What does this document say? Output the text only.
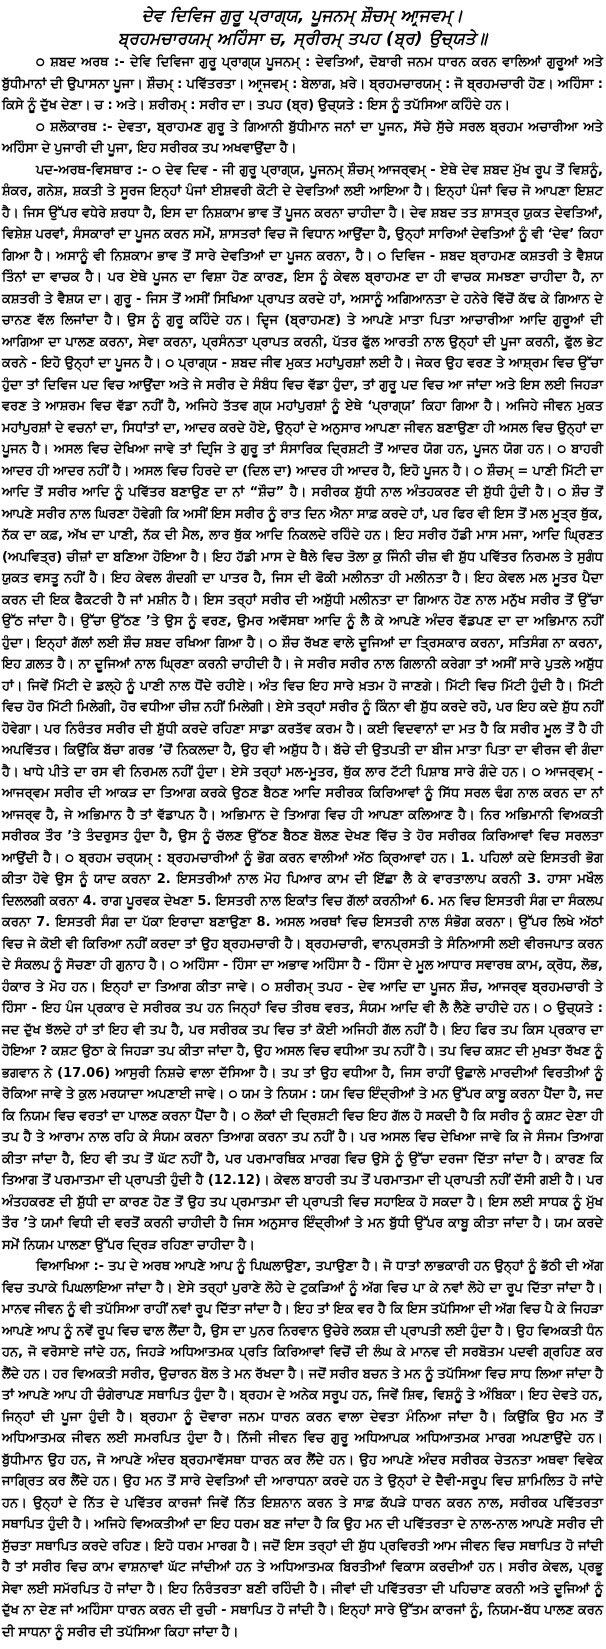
ਦੇਵ ਦਿਵਿਜ ਗੁਰੂ ਪ੍ਰਾਗ੍ਯ, ਪੂਜਨਮ੍ ਸ਼ੌਚਮ੍ ਆਰ੍ਜਵਮ੍।
ਬ੍ਰਹਮਚਾਰਯਮ੍ ਅਹਿੰਸਾ ਚ, ਸ੍ਰੀਰਮ੍ ਤਪਹ (ਬ੍ਰ) ਉਚ੍ਯਤੇ॥

੦ ਸ਼ਬਦ ਅਰਥ :- ਦੇਵਿ ਦਿਵਿਜਾ ਗੁਰੂ ਪ੍ਰਾਗ੍ਯ ਪੂਜਨਮ੍ : ਦੇਵਤਿਆਂ, ਦੋਬਾਰੀ ਜਨਮ ਧਾਰਨ ਕਰਨ ਵਾਲਿਆਂ ਗੁਰੂਆਂ ਅਤੇ ਬੁੱਧੀਮਾਨਾਂ ਦੀ ਉਪਾਸਨਾ ਪੂਜਾ। ਸ਼ੌਚਮ੍ : ਪਵਿੱਤਰਤਾ। ਆਰ੍ਜਵਮ੍ : ਬੇਲਾਗ, ਖ਼ਰੇ। ਬ੍ਰਹਮਚਾਰਯਮ੍ : ਜੋ ਬ੍ਰਹਮਚਾਰੀ ਹੋਣ। ਅਹਿੰਸਾ : ਕਿਸੇ ਨੂੰ ਦੁੱਖ ਦੇਣਾ। ਚ : ਅਤੇ। ਸ਼ਰੀਰਮ੍ : ਸਰੀਰ ਦਾ। ਤਪਹ (ਬ੍ਰ) ਉਚ੍ਯਤੇ : ਇਸ ਨੂੰ ਤਪੱਸਿਆ ਕਹਿੰਦੇ ਹਨ।

੦ ਸ਼ਲੋਕਾਰਥ :- ਦੇਵਤਾ, ਬ੍ਰਾਹਮਣ ਗੁਰੂ ਤੇ ਗਿਆਨੀ ਬੁੱਧੀਮਾਨ ਜਨਾਂ ਦਾ ਪੂਜਨ, ਸੱਚੇ ਸੁੱਚੇ ਸਰਲ ਬ੍ਰਹਮ ਅਚਾਰੀਆ ਅਤੇ ਅਹਿੰਸਾ ਦੇ ਪੁਜਾਰੀ ਦੀ ਪੂਜਾ, ਇਹ ਸਰੀਰਕ ਤਪ ਅਖਵਾਉਂਦਾ ਹੈ।

ਪਦ-ਅਰਥ-ਵਿਸਥਾਰ :- ੦ ਦੇਵ ਦਿਵ - ਜੀ ਗੁਰੂ ਪ੍ਰਾਗ੍ਯ, ਪੂਜਨਮ੍ ਸ਼ੌਚਮ੍ ਆਜਰ੍ਵਮ੍ - ਏਥੇ ਦੇਵ ਸ਼ਬਦ ਮੁੱਖ ਰੂਪ ਤੋਂ ਵਿਸ਼ਨੂੰ, ਸ਼ੰਕਰ, ਗਨੇਸ਼, ਸ਼ਕਤੀ ਤੇ ਸੂਰਜ ਇਨ੍ਹਾਂ ਪੰਜਾਂ ਈਸ਼ਵਰੀ ਕੋਟੀ ਦੇ ਦੇਵਤਿਆਂ ਲਈ ਆਇਆ ਹੈ। ਇਨ੍ਹਾਂ ਪੰਜਾਂ ਵਿਚ ਜੋ ਆਪਣਾ ਇਸ਼ਟ ਹੈ। ਜਿਸ ਉੱਪਰ ਵਧੇਰੇ ਸ਼ਰਧਾ ਹੈ, ਇਸ ਦਾ ਨਿਸ਼ਕਾਮ ਭਾਵ ਤੋਂ ਪੂਜਨ ਕਰਨਾ ਚਾਹੀਦਾ ਹੈ। ਦੇਵ ਸ਼ਬਦ ਤਤ ਸ਼ਾਸਤ੍ਰ ਯੁਕਤ ਦੇਵਤਿਆਂ, ਵਿਸ਼ੇਸ਼ ਪਰਵਾਂ, ਸੰਸਕਾਰਾਂ ਦਾ ਪੂਜਨ ਕਰਨ ਸਮੇਂ, ਸ਼ਾਸਤਰਾਂ ਵਿਚ ਜੋ ਵਿਧਾਨ ਆਉਂਦਾ ਹੈ, ਉਨ੍ਹਾਂ ਸਾਰਿਆਂ ਦੇਵਤਿਆਂ ਨੂੰ ਵੀ ‘ਦੇਵ’ ਕਿਹਾ ਗਿਆ ਹੈ। ਅਸਾਨੂੰ ਵੀ ਨਿਸ਼ਕਾਮ ਭਾਵ ਤੋਂ ਸਾਰੇ ਦੇਵਤਿਆਂ ਦਾ ਪੂਜਨ ਕਰਨਾ, ਹੈ। ੦ ਦਿਵਿਜ - ਸ਼ਬਦ ਬ੍ਰਾਹਮਣ ਕਸ਼ਤਰੀ ਤੇ ਵੈਸ਼ਯ ਤਿੰਨਾਂ ਦਾ ਵਾਚਕ ਹੈ। ਪਰ ਏਥੇ ਪੂਜਨ ਦਾ ਵਿਸ਼ਾ ਹੋਣ ਕਾਰਣ, ਇਸ ਨੂੰ ਕੇਵਲ ਬ੍ਰਾਹਮਣ ਦਾ ਹੀ ਵਾਚਕ ਸਮਝਣਾ ਚਾਹੀਦਾ ਹੈ, ਨਾ ਕਸ਼ਤਰੀ ਤੇ ਵੈਸ਼ਯ ਦਾ। ਗੁਰੂ - ਜਿਸ ਤੋਂ ਅਸੀਂ ਸਿਖਿਆ ਪ੍ਰਾਪਤ ਕਰਦੇ ਹਾਂ, ਅਸਾਨੂੰ ਅਗਿਆਨਤਾ ਦੇ ਹਨੇਰੇ ਵਿੱਚੋਂ ਕੱਢ ਕੇ ਗਿਆਨ ਦੇ ਚਾਨਣ ਵੱਲ ਲਿਜਾਂਦਾ ਹੈ। ਉਸ ਨੂੰ ਗੁਰੂ ਕਹਿੰਦੇ ਹਨ। ਦਿਵ੍ਜ (ਬ੍ਰਾਹਮਣ) ਤੇ ਆਪਣੇ ਮਾਤਾ ਪਿਤਾ ਆਚਾਰੀਆ ਆਦਿ ਗੁਰੂਆਂ ਦੀ ਆਗਿਆ ਦਾ ਪਾਲਣ ਕਰਨਾ, ਸੇਵਾ ਕਰਨਾ, ਪ੍ਰਸੰਨਤਾ ਪ੍ਰਾਪਤ ਕਰਨੀ, ਪੱਤਰ ਫੁੱਲ ਆਰਤੀ ਨਾਲ ਉਨ੍ਹਾਂ ਦੀ ਪੂਜਾ ਕਰਨੀ, ਫੁੱਲ ਭੇਟ ਕਰਨੇ - ਇਹੋ ਉਨ੍ਹਾਂ ਦਾ ਪੂਜਨ ਹੈ। ੦ ਪ੍ਰਾਗ੍ਯ - ਸ਼ਬਦ ਜੀਵ ਮੁਕਤ ਮਹਾਂਪੁਰਸ਼ਾਂ ਲਈ ਹੈ। ਜੇਕਰ ਉਹ ਵਰਣ ਤੇ ਆਸ਼੍ਰਮ ਵਿਚ ਉੱਚਾ ਹੁੰਦਾ ਤਾਂ ਦਿਵਿਜ ਪਦ ਵਿਚ ਆਉਂਦਾ ਅਤੇ ਜੇ ਸਰੀਰ ਦੇ ਸੰਬੰਧ ਵਿਚ ਵੱਡਾ ਹੁੰਦਾ, ਤਾਂ ਗੁਰੂ ਪਦ ਵਿਚ ਆ ਜਾਂਦਾ ਅਤੇ ਇਸ ਲਈ ਜਿਹੜਾ ਵਰਣ ਤੇ ਆਸ਼ਰਮ ਵਿਚ ਵੱਡਾ ਨਹੀਂ ਹੈ, ਅਜਿਹੇ ਤੱਤਵ ਗ੍ਯ ਮਹਾਂਪੁਰਸ਼ਾਂ ਨੂੰ ਏਥੇ ‘ਪ੍ਰਾਗ੍ਯ’ ਕਿਹਾ ਗਿਆ ਹੈ। ਅਜਿਹੇ ਜੀਵਨ ਮੁਕਤ ਮਹਾਂਪੁਰਸ਼ਾਂ ਦੇ ਵਚਨਾਂ ਦਾ, ਸਿਧਾਂਤਾਂ ਦਾ, ਆਦਰ ਕਰਦੇ ਹੋਏ, ਉਨ੍ਹਾਂ ਦੇ ਅਨੁਸਾਰ ਆਪਣਾ ਜੀਵਨ ਬਣਾਉਣਾ ਹੀ ਅਸਲ ਵਿਚ ਉਨ੍ਹਾਂ ਦਾ ਪੂਜਨ ਹੈ। ਅਸਲ ਵਿਚ ਦੇਖਿਆ ਜਾਵੇ ਤਾਂ ਦਿਵ੍ਜਿ ਤੇ ਗੁਰੂ ਤਾਂ ਸੰਸਾਰਿਕ ਦ੍ਰਿਸ਼ਟੀ ਤੋਂ ਆਦਰ ਯੋਗ ਹਨ, ਪੂਜਨ ਯੋਗ ਹਨ। ੦ ਬਾਹਰੀ ਆਦਰ ਹੀ ਆਦਰ ਨਹੀਂ ਹੈ। ਅਸਲ ਵਿਚ ਹਿਰਦੇ ਦਾ (ਦਿਲ ਦਾ) ਆਦਰ ਹੀ ਆਦਰ ਹੈ, ਇਹੋ ਪੂਜਨ ਹੈ। ੦ ਸ਼ੌਚਮ੍ = ਪਾਣੀ ਮਿੱਟੀ ਦਾ ਆਦਿ ਤੋਂ ਸਰੀਰ ਆਦਿ ਨੂੰ ਪਵਿੱਤਰ ਬਣਾਉਣ ਦਾ ਨਾਂ “ਸ਼ੌਚ” ਹੈ। ਸਰੀਰਕ ਸ਼ੁੱਧੀ ਨਾਲ ਅੰਤਹਕਰਣ ਦੀ ਸ਼ੁੱਧੀ ਹੁੰਦੀ ਹੈ। ੦ ਸ਼ੌਚ ਤੋਂ ਆਪਣੇ ਸਰੀਰ ਨਾਲ ਘਿਰਣਾ ਹੋਵੇਗੀ ਕਿ ਅਸੀਂ ਇਸ ਸਰੀਰ ਨੂੰ ਰਾਤ ਦਿਨ ਐਨਾ ਸਾਫ਼ ਕਰਦੇ ਹਾਂ, ਪਰ ਫਿਰ ਵੀ ਇਸ ਤੋਂ ਮਲ ਮੂਤ੍ਰ ਥੁੱਕ, ਨੱਕ ਦਾ ਕਫ਼, ਅੱਖ ਦਾ ਪਾਣੀ, ਨੱਕ ਦੀ ਮੈਲ, ਲਾਰ ਥੁੱਕ ਆਦਿ ਨਿਕਲਦੇ ਰਹਿੰਦੇ ਹਨ। ਇਹ ਸਰੀਰ ਹੱਡੀ ਮਾਸ ਮਜਾ, ਆਦਿ ਘ੍ਰਿਣਤ (ਅਪਵਿਤ੍ਰ) ਚੀਜ਼ਾਂ ਦਾ ਬਣਿਆ ਹੋਇਆ ਹੈ। ਇਹ ਹੱਡੀ ਮਾਸ ਦੇ ਥੈਲੇ ਵਿਚ ਤੋਲਾ ਕੁ ਜਿੰਨੀ ਚੀਜ਼ ਵੀ ਸ਼ੁੱਧ ਪਵਿੱਤਰ ਨਿਰਮਲ ਤੇ ਸੁਗੰਧ ਯੁਕਤ ਵਸਤੂ ਨਹੀਂ ਹੈ। ਇਹ ਕੇਵਲ ਗੰਦਗੀ ਦਾ ਪਾਤਰ ਹੈ, ਜਿਸ ਦੀ ਫੋਕੀ ਮਲੀਨਤਾ ਹੀ ਮਲੀਨਤਾ ਹੈ। ਇਹ ਕੇਵਲ ਮਲ ਮੂਤਰ ਪੈਦਾ ਕਰਨ ਦੀ ਇਕ ਫੈਕਟਰੀ ਹੈ ਜਾਂ ਮਸ਼ੀਨ ਹੈ। ਇਸ ਤਰ੍ਹਾਂ ਸਰੀਰ ਦੀ ਅਸ਼ੁੱਧੀ ਮਲੀਨਤਾ ਦਾ ਗਿਆਨ ਹੋਣ ਨਾਲ ਮਨੁੱਖ ਸਰੀਰ ਤੋਂ ਉੱਚਾ ਉੱਠ ਜਾਂਦਾ ਹੈ। ਉੱਚਾ ਉੱਠਣ ’ਤੇ ਉਸ ਨੂੰ ਵਰਣ, ਉਮਰ ਅਵੱਸਥਾ ਆਦਿ ਨੂੰ ਲੈ ਕੇ ਆਪਣੇ ਅੰਦਰ ਵੱਡਪਣ ਦਾ ਦਾ ਅਭਿਮਾਨ ਨਹੀਂ ਹੁੰਦਾ। ਇਨ੍ਹਾਂ ਗੱਲਾਂ ਲਈ ਸ਼ੌਚ ਸ਼ਬਦ ਰਖਿਆ ਗਿਆ ਹੈ। ੦ ਸ਼ੌਚ ਰੱਖਣ ਵਾਲੇ ਦੂਜਿਆਂ ਦਾ ਤ੍ਰਿਸਕਾਰ ਕਰਨਾ, ਸਤਿਸੰਗ ਨਾ ਕਰਨਾ, ਇਹ ਗ਼ਲਤ ਹੈ। ਨਾ ਦੂਜਿਆਂ ਨਾਲ ਘ੍ਰਿਣਾ ਕਰਨੀ ਚਾਹੀਦੀ ਹੈ। ਜੇ ਸਰੀਰ ਸਰੀਰ ਨਾਲ ਗਿਲਾਨੀ ਕਰੇਗਾ ਤਾਂ ਅਸੀਂ ਸਾਰੇ ਪੁਤਲੇ ਅਸ਼ੁੱਧ ਹਾਂ। ਜਿਵੇਂ ਮਿੱਟੀ ਦੇ ਡਲ੍ਹੇ ਨੂੰ ਪਾਣੀ ਨਾਲ ਧੋਂਦੇ ਰਹੀਏ। ਅੰਤ ਵਿਚ ਇਹ ਸਾਰੇ ਖ਼ਤਮ ਹੋ ਜਾਣਗੇ। ਮਿੱਟੀ ਵਿਚ ਮਿੱਟੀ ਹੁੰਦੀ ਹੈ। ਮਿੱਟੀ ਵਿਚ ਹੋਰ ਮਿੱਟੀ ਮਿਲੇਗੀ, ਹੋਰ ਵਧੀਆ ਚੀਜ਼ ਨਹੀਂ ਮਿਲੇਗੀ। ਏਸੇ ਤਰ੍ਹਾਂ ਸਰੀਰ ਨੂੰ ਕਿੰਨਾ ਵੀ ਸ਼ੁੱਧ ਕਰਦੇ ਰਹੋ, ਪਰ ਇਹ ਕਦੇ ਸ਼ੁੱਧ ਨਹੀਂ ਹੋਵੇਗਾ। ਪਰ ਨਿਰੰਤਰ ਸਰੀਰ ਦੀ ਸ਼ੁੱਧੀ ਕਰਦੇ ਰਹਿਣਾ ਸਾਡਾ ਕਰਤੱਵ ਕਰਮ ਹੈ। ਕਈ ਵਿਦਵਾਨਾਂ ਦਾ ਮਤ ਹੈ ਕਿ ਸਰੀਰ ਮੂਲ ਤੋਂ ਹੈ ਹੀ ਅਪਵਿੱਤਰ। ਕਿਉਂਕਿ ਬੱਚਾ ਗਰਭ ’ਚੋਂ ਨਿਕਲਦਾ ਹੈ, ਉਹ ਵੀ ਅਸ਼ੁੱਧ ਹੈ। ਬੱਚੇ ਦੀ ਉਤਪਤੀ ਦਾ ਬੀਜ ਮਾਤਾ ਪਿਤਾ ਦਾ ਵੀਰਜ ਵੀ ਗੰਦਾ ਹੈ। ਖਾਧੇ ਪੀਤੇ ਦਾ ਰਸ ਵੀ ਨਿਰਮਲ ਨਹੀਂ ਹੁੰਦਾ। ਏਸੇ ਤਰ੍ਹਾਂ ਮਲ-ਮੂਤਰ, ਥੁੱਕ ਲਾਰ ਟੱਟੀ ਪਿਸ਼ਾਬ ਸਾਰੇ ਗੰਦੇ ਹਨ। ੦ ਆਜਰ੍ਵਮ੍ - ਆਜਰ੍ਵਮ ਸਰੀਰ ਦੀ ਆਕੜ ਦਾ ਤਿਆਗ ਕਰਕੇ ਉਠਣ ਬੈਠਣ ਆਦਿ ਸਰੀਰਕ ਕਿਰਿਆਵਾਂ ਨੂੰ ਸਿੱਧ ਸਰਲ ਢੰਗ ਨਾਲ ਕਰਨ ਦਾ ਨਾਂ ਆਜਰ੍ਵ ਹੈ, ਜੇ ਅਭਿਮਾਨ ਹੈ ਤਾਂ ਵੱਡਾਪਨ ਹੈ। ਅਭਿਮਾਨ ਦੇ ਤਿਆਗ ਵਿਚ ਹੀ ਆਪਣਾ ਕਲਿਆਣ ਹੈ। ਨਿਰ ਅਭਿਮਾਨੀ ਵਿਅਕਤੀ ਸਰੀਰਕ ਤੌਰ ’ਤੇ ਤੰਦਰੁਸਤ ਹੁੰਦਾ ਹੈ, ਉਸ ਨੂੰ ਚੱਲਣ ਉੱਠਣ ਬੈਠਣ ਬੋਲਣ ਦੇਖਣ ਵਿੱਚ ਤੇ ਹੋਰ ਸਰੀਰਕ ਕਿਰਿਆਵਾਂ ਵਿਚ ਸਰਲਤਾ ਆਉਂਦੀ ਹੈ। ੦ ਬ੍ਰਹਮ ਚਰ੍ਯਮ੍ : ਬ੍ਰਹਮਚਾਰੀਆਂ ਨੂੰ ਭੋਗ ਕਰਨ ਵਾਲੀਆਂ ਅੱਠ ਕ੍ਰਿਆਵਾਂ ਹਨ। 1. ਪਹਿਲਾਂ ਕਦੇ ਇਸਤਰੀ ਭੋਗ ਕੀਤਾ ਹੋਵੇ ਉਸ ਨੂੰ ਯਾਦ ਕਰਨਾ 2. ਇਸਤਰੀਆਂ ਨਾਲ ਮੋਹ ਪਿਆਰ ਕਾਮ ਦੀ ਇੱਛਾ ਲੈ ਕੇ ਵਾਰਤਾਲਾਪ ਕਰਨੀ 3. ਹਾਸਾ ਮਖੌਲ ਦਿਲਲਗੀ ਕਰਨਾ 4. ਰਾਗ ਪੂਰਵਕ ਦੇਖਣਾ 5. ਇਸਤਰੀ ਨਾਲ ਇਕਾਂਤ ਵਿਚ ਗੱਲਾਂ ਕਰਨੀਆਂ 6. ਮਨ ਵਿਚ ਇਸਤਰੀ ਸੰਗ ਦਾ ਸੰਕਲਪ ਕਰਨਾ 7. ਇਸਤਰੀ ਸੰਗ ਦਾ ਪੱਕਾ ਇਰਾਦਾ ਬਣਾਉਣਾ 8. ਅਸਲ ਅਰਥਾਂ ਵਿਚ ਇਸਤਰੀ ਨਾਲ ਸੰਭੋਗ ਕਰਨਾ। ਉੱਪਰ ਲਿਖੇ ਅੱਠਾਂ ਵਿਚ ਜੇ ਕੋਈ ਵੀ ਕਿਰਿਆ ਨਹੀਂ ਕਰਦਾ ਤਾਂ ਉਹ ਬ੍ਰਹਮਚਾਰੀ ਹੈ। ਬ੍ਰਹਮਚਾਰੀ, ਵਾਨਪ੍ਰਸਤੀ ਤੇ ਸੰਨਿਆਸੀ ਲਈ ਵੀਰਜਪਾਤ ਕਰਨ ਦੇ ਸੰਕਲਪ ਨੂੰ ਸੋਚਣਾ ਹੀ ਗੁਨਾਹ ਹੈ। ੦ ਅਹਿੰਸਾ - ਹਿੰਸਾ ਦਾ ਅਭਾਵ ਅਹਿੰਸਾ ਹੈ - ਹਿੰਸਾ ਦੇ ਮੂਲ ਆਧਾਰ ਸਵਾਰਥ ਕਾਮ, ਕ੍ਰੋਧ, ਲੋਭ, ਹੰਕਾਰ ਤੇ ਮੋਹ ਹਨ। ਇਨ੍ਹਾਂ ਦਾ ਤਿਆਗ ਕੀਤਾ ਜਾਵੇ। ੦ ਸ਼ਰੀਰਮ੍ ਤਪਹ - ਦੇਵ ਆਦਿ ਦਾ ਪੂਜਨ ਸ਼ੌਚ, ਆਜਰ੍ਵ ਬ੍ਰਹਮਚਾਰੀ ਤੇ ਹਿੰਸਾ - ਇਹ ਪੰਜ ਪ੍ਰਕਾਰ ਦੇ ਸਰੀਰਕ ਤਪ ਹਨ ਜਿਨ੍ਹਾਂ ਵਿਚ ਤੀਰਥ ਵਰਤ, ਸੰਯਮ ਆਦਿ ਵੀ ਲੈ ਲੈਣੇ ਚਾਹੀਦੇ ਹਨ। ੦ ਉਚ੍ਯਤੇ : ਜਦ ਦੁੱਖ ਝੱਲਦੇ ਹਾਂ ਤਾਂ ਇਹ ਵੀ ਤਪ ਹੈ, ਪਰ ਸਰੀਰਕ ਤਪ ਵਿਚ ਤਾਂ ਕੋਈ ਅਜਿਹੀ ਗੱਲ ਨਹੀਂ ਹੈ। ਇਹ ਫਿਰ ਤਪ ਕਿਸ ਪ੍ਰਕਾਰ ਦਾ ਹੋਇਆ ? ਕਸ਼ਟ ਉਠਾ ਕੇ ਜਿਹੜਾ ਤਪ ਕੀਤਾ ਜਾਂਦਾ ਹੈ, ਉਹ ਅਸਲ ਵਿਚ ਵਧੀਆ ਤਪ ਨਹੀਂ ਹੈ। ਤਪ ਵਿਚ ਕਸ਼ਟ ਦੀ ਮੁਖਤਾ ਰੱਖਣ ਨੂੰ ਭਗਵਾਨ ਨੇ (17.06) ਆਸੁਰੀ ਨਿਸ਼ਚੇ ਵਾਲਾ ਦੱਸਿਆ ਹੈ। ਤਪ ਤਾਂ ਉਹ ਵਧੀਆ ਹੈ, ਜਿਸ ਰਾਹੀਂ ਉਛਾਲੇ ਮਾਰਦੀਆਂ ਵਿਰਤੀਆਂ ਨੂੰ ਰੋਕਿਆ ਜਾਵੇ ਤੇ ਕੁਲ ਮਰਯਾਦਾ ਅਪਣਾਈ ਜਾਵੇ। ੦ ਯਮ ਤੇ ਨਿਯਮ : ਯਮ ਵਿਚ ਇੰਦ੍ਰੀਆਂ ਤੇ ਮਨ ਉੱਪਰ ਕਾਬੂ ਕਰਨਾ ਪੈਂਦਾ ਹੈ, ਜਦ ਕਿ ਨਿਯਮ ਵਿਚ ਵਰਤਾਂ ਦਾ ਪਾਲਣ ਕਰਨਾ ਪੈਂਦਾ ਹੈ। ੦ ਲੋਕਾਂ ਦੀ ਦ੍ਰਿਸ਼ਟੀ ਵਿਚ ਇਹ ਗੱਲ ਹੋ ਸਕਦੀ ਹੈ ਕਿ ਸਰੀਰ ਨੂੰ ਕਸ਼ਟ ਦੇਣਾ ਹੀ ਤਪ ਹੈ ਤੇ ਆਰਾਮ ਨਾਲ ਰਹਿ ਕੇ ਸੰਯਮ ਕਰਨਾ ਤਿਆਗ ਕਰਨਾ ਤਪ ਨਹੀਂ ਹੈ। ਪਰ ਅਸਲ ਵਿਚ ਦੇਖਿਆ ਜਾਵੇ ਕਿ ਜੇ ਸੰਜਮ ਤਿਆਗ ਕੀਤਾ ਜਾਂਦਾ ਹੈ, ਇਹ ਵੀ ਤਪ ਤੋਂ ਘੱਟ ਨਹੀਂ ਹੈ, ਪਰ ਪਰਮਾਰਥਿਕ ਮਾਰਗ ਵਿਚ ਉਸੇ ਨੂੰ ਉੱਚਾ ਦਰਜਾ ਦਿੱਤਾ ਜਾਂਦਾ ਹੈ। ਕਾਰਣ ਕਿ ਤਿਆਗ ਤੋਂ ਪਰਮਾਤਮਾ ਦੀ ਪ੍ਰਾਪਤੀ ਹੁੰਦੀ ਹੈ (12.12)। ਕੇਵਲ ਬਾਹਰੀ ਤਪ ਤੋਂ ਪਰਮਾਤਮਾ ਦੀ ਪ੍ਰਾਪਤੀ ਨਹੀਂ ਦੱਸੀ ਗਈ ਹੈ। ਪਰ ਅੰਤਹਕਰਣ ਦੀ ਸ਼ੁੱਧੀ ਦਾ ਕਾਰਣ ਹੋਣ ਤੋਂ ਉਹ ਤਪ ਪ੍ਰਮਾਤਮਾ ਦੀ ਪ੍ਰਾਪਤੀ ਵਿਚ ਸਹਾਇਕ ਹੋ ਸਕਦਾ ਹੈ। ਇਸ ਲਈ ਸਾਧਕ ਨੂੰ ਮੁੱਖ ਤੌਰ ’ਤੇ ਯਮਾਂ ਵਿਧੀ ਦੀ ਵਰਤੋਂ ਕਰਨੀ ਚਾਹੀਦੀ ਹੈ ਜਿਸ ਅਨੁਸਾਰ ਇੰਦ੍ਰੀਆਂ ਤੇ ਮਨ ਬੁੱਧੀ ਉੱਪਰ ਕਾਬੂ ਕੀਤਾ ਜਾਂਦਾ ਹੈ। ਯਮ ਕਰਦੇ ਸਮੇਂ ਨਿਯਮ ਪਾਲਣਾ ਉੱਪਰ ਦ੍ਰਿੜ ਰਹਿਣਾ ਚਾਹੀਦਾ ਹੈ।

ਵਿਆਖਿਆ :- ਤਪ ਦੇ ਅਰਥ ਆਪਣੇ ਆਪ ਨੂੰ ਪਿਘਲਾਉਣਾ, ਤਪਾਉਣਾ ਹੈ। ਜੋ ਧਾਤਾਂ ਲਾਭਕਾਰੀ ਹਨ ਉਨ੍ਹਾਂ ਨੂੰ ਭੱਠੀ ਦੀ ਅੱਗ ਵਿਚ ਤਪਾਕੇ ਪਿਘਲਾਇਆ ਜਾਂਦਾ ਹੈ। ਏਸੇ ਤਰ੍ਹਾਂ ਪੁਰਾਣੇ ਲੋਹੇ ਦੇ ਟੁਕੜਿਆਂ ਨੂੰ ਅੱਗ ਵਿਚ ਪਾ ਕੇ ਨਵਾਂ ਲੋਹੇ ਦਾ ਰੂਪ ਦਿੱਤਾ ਜਾਂਦਾ ਹੈ। ਮਾਨਵ ਜੀਵਨ ਨੂੰ ਵੀ ਤਪੱਸਿਆ ਰਾਹੀਂ ਨਵਾਂ ਰੂਪ ਦਿੱਤਾ ਜਾਂਦਾ ਹੈ। ਇਹ ਤਾਂ ਇਕ ਵਰ ਹੈ ਕਿ ਇਸ ਤਪੱਸਿਆ ਦੀ ਅੱਗ ਵਿਚ ਪੈ ਕੇ ਜਿਹੜਾ ਆਪਣੇ ਆਪ ਨੂੰ ਨਵੇਂ ਰੂਪ ਵਿਚ ਢਾਲ ਲੈਂਦਾ ਹੈ, ਉਸ ਦਾ ਪੁਨਰ ਨਿਰਵਾਨ ਉਚੇਰੇ ਲਕਸ਼ ਦੀ ਪ੍ਰਾਪਤੀ ਲਈ ਹੁੰਦਾ ਹੈ। ਉਹ ਵਿਅਕਤੀ ਧੰਨ ਹਨ, ਜੋ ਵਰੋਸਾਏ ਜਾਂਦੇ ਹਨ, ਜਿਹੜੇ ਅਧਿਆਤਮਕ ਪ੍ਰਤਿ ਕਿਰਿਆਵਾਂ ਵਿਚੋਂ ਦੀ ਲੰਘ ਕੇ ਮਾਨਵ ਦੀ ਸਰਬੋਤਮ ਪਦਵੀ ਗ੍ਰਹਿਣ ਕਰ ਲੈਂਦੇ ਹਨ। ਹਰ ਵਿਅਕਤੀ ਸਰੀਰ, ਉਚਾਰਨ ਬੋਲ ਤੇ ਮਨ ਰੱਖਦਾ ਹੈ। ਜਦੋਂ ਸਰੀਰ ਬਚਨ ਤੇ ਮਨ ਨੂੰ ਤਪੱਸਿਆ ਵਿਚ ਸਾਧ ਲਿਆ ਜਾਂਦਾ ਹੈ ਤਾਂ ਆਪਣੇ ਆਪ ਹੀ ਚੰਗੇਰਾਪਣ ਸਥਾਪਿਤ ਹੁੰਦਾ ਹੈ। ਬ੍ਰਹਮ ਦੇ ਅਨੇਕ ਸਰੂਪ ਹਨ, ਜਿਵੇਂ ਸ਼ਿਵ, ਵਿਸ਼ਨੂੰ ਤੇ ਅੰਬਿਕਾ। ਇਹ ਦੇਵਤੇ ਹਨ, ਜਿਨ੍ਹਾਂ ਦੀ ਪੂਜਾ ਹੁੰਦੀ ਹੈ। ਬ੍ਰਹਮਾ ਨੂੰ ਦੋਵਾਰਾ ਜਨਮ ਧਾਰਨ ਕਰਨ ਵਾਲਾ ਦੇਵਤਾ ਮੰਨਿਆ ਜਾਂਦਾ ਹੈ। ਕਿਉਂਕਿ ਉਹ ਮਨ ਤੋਂ ਅਧਿਆਤਮਕ ਜੀਵਨ ਲਈ ਸਮਰਪਿਤ ਹੁੰਦਾ ਹੈ। ਨਿੱਜੀ ਜੀਵਨ ਵਿਚ ਗੁਰੂ ਅਧਿਆਪਕ ਅਧਿਆਤਮਕ ਮਾਰਗ ਅਪਣਾਉਂਦੇ ਹਨ। ਬੁੱਧੀਮਾਨ ਉਹ ਹਨ, ਜੋ ਆਪਣੇ ਅੰਦਰ ਬ੍ਰਹਮਾਵੱਸਥਾ ਧਾਰਨ ਕਰ ਲੈਂਦੇ ਹਨ। ਉਹ ਆਪਣੇ ਅੰਦਰ ਸਰੀਰਕ ਚੇਤਨਤਾ ਅਥਵਾ ਵਿਵੇਕ ਜਾਗ੍ਰਿਤ ਕਰ ਲੈਂਦੇ ਹਨ। ਉਹ ਮਨ ਤੋਂ ਸਾਰੇ ਦੇਵਤਿਆਂ ਦੀ ਆਰਾਧਨਾ ਕਰਦੇ ਹਨ ਤੇ ਉਨ੍ਹਾਂ ਦੇ ਦੈਵੀ-ਸਰੂਪ ਵਿਚ ਸ਼ਾਮਿਲਿਤ ਹੋ ਜਾਂਦੇ ਹਨ। ਉਨ੍ਹਾਂ ਦੇ ਨਿੱਤ ਦੇ ਪਵਿੱਤਰ ਕਾਰਜਾਂ ਜਿਵੇਂ ਨਿੱਤ ਇਸ਼ਨਾਨ ਕਰਨ ਤੇ ਸਾਫ਼ ਕੱਪੜੇ ਧਾਰਨ ਕਰਨ ਨਾਲ, ਸਰੀਰਕ ਪਵਿੱਤਰਤਾ ਸਥਾਪਿਤ ਹੁੰਦੀ ਹੈ। ਅਜਿਹੇ ਵਿਅਕਤੀਆਂ ਦਾ ਇਹ ਧਰਮ ਬਣ ਜਾਂਦਾ ਹੈ ਕਿ ਉਹ ਮਨ ਦੀ ਪਵਿੱਤਰਤਾ ਦੇ ਨਾਲ-ਨਾਲ ਆਪਣੇ ਸਰੀਰ ਦੀ ਸੁੱਚਤਾ ਸਥਾਪਿਤ ਕਰਦੇ ਰਹਿਣ। ਇਹੋ ਧਰਮ ਮਾਰਗ ਹੈ। ਜਦੋਂ ਇਸ ਤਰ੍ਹਾਂ ਦੀ ਸ਼ੁੱਧ ਪ੍ਰਵਿਰਤੀ ਆਮ ਜੀਵਨ ਵਿਚ ਸਥਾਪਿਤ ਹੋ ਜਾਂਦੀ ਹੈ ਤਾਂ ਸਰੀਰ ਵਿਚ ਕਾਮ ਵਾਸ਼ਨਾਵਾਂ ਘੱਟ ਜਾਂਦੀਆਂ ਹਨ ਤੇ ਅਧਿਆਤਮਕ ਬਿਰਤੀਆਂ ਵਿਕਾਸ ਕਰਦੀਆਂ ਹਨ। ਸਰੀਰ ਕੇਵਲ, ਪ੍ਰਭੂ ਸੇਵਾ ਲਈ ਸਮੱਰਪਿਤ ਹੋ ਜਾਂਦਾ ਹੈ। ਇਹ ਨਿਰੰਤਰਤਾ ਬਣੀ ਰਹਿੰਦੀ ਹੈ। ਜੀਵਾਂ ਦੀ ਪਵਿੱਤਰਤਾ ਦੀ ਪਹਿਚਾਣ ਕਰਨੀ ਅਤੇ ਦੂਜਿਆਂ ਨੂੰ ਦੁੱਖ ਨਾ ਦੇਣ ਜਾਂ ਅਹਿੰਸਾ ਧਾਰਨ ਕਰਨ ਦੀ ਰੁਚੀ - ਸਥਾਪਿਤ ਹੋ ਜਾਂਦੀ ਹੈ। ਇਨ੍ਹਾਂ ਸਾਰੇ ਉੱਤਮ ਕਾਰਜਾਂ ਨੂੰ, ਨਿਯਮ-ਬੱਧ ਪਾਲਣ ਕਰਨ ਦੀ ਸਾਧਨਾ ਨੂੰ ਸਰੀਰ ਦੀ ਤਪੱਸਿਆ ਕਿਹਾ ਜਾਂਦਾ ਹੈ।
